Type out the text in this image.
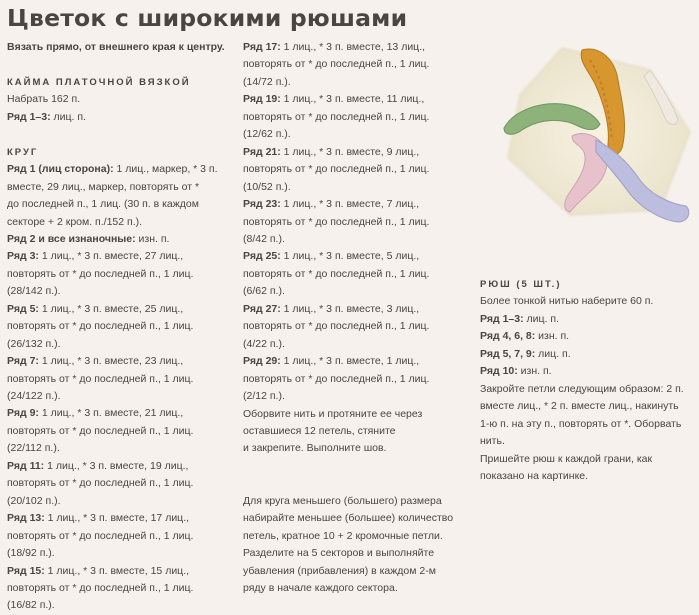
Цветок с широкими рюшами
Вязать прямо, от внешнего края к центру.
КАЙМА ПЛАТОЧНОЙ ВЯЗКОЙ
Набрать 162 п.
Ряд 1–3: лиц. п.
КРУГ
Ряд 1 (лиц сторона): 1 лиц., маркер, * 3 п.
вместе, 29 лиц., маркер, повторять от *
до последней п., 1 лиц. (30 п. в каждом
секторе + 2 кром. п./152 п.).
Ряд 2 и все изнаночные: изн. п.
Ряд 3: 1 лиц., * 3 п. вместе, 27 лиц.,
повторять от * до последней п., 1 лиц.
(28/142 п.).
Ряд 5: 1 лиц., * 3 п. вместе, 25 лиц.,
повторять от * до последней п., 1 лиц.
(26/132 п.).
Ряд 7: 1 лиц., * 3 п. вместе, 23 лиц.,
повторять от * до последней п., 1 лиц.
(24/122 п.).
Ряд 9: 1 лиц., * 3 п. вместе, 21 лиц.,
повторять от * до последней п., 1 лиц.
(22/112 п.).
Ряд 11: 1 лиц., * 3 п. вместе, 19 лиц.,
повторять от * до последней п., 1 лиц.
(20/102 п.).
Ряд 13: 1 лиц., * 3 п. вместе, 17 лиц.,
повторять от * до последней п., 1 лиц.
(18/92 п.).
Ряд 15: 1 лиц., * 3 п. вместе, 15 лиц.,
повторять от * до последней п., 1 лиц.
(16/82 п.).
Ряд 17: 1 лиц., * 3 п. вместе, 13 лиц.,
повторять от * до последней п., 1 лиц.
(14/72 п.).
Ряд 19: 1 лиц., * 3 п. вместе, 11 лиц.,
повторять от * до последней п., 1 лиц.
(12/62 п.).
Ряд 21: 1 лиц., * 3 п. вместе, 9 лиц.,
повторять от * до последней п., 1 лиц.
(10/52 п.).
Ряд 23: 1 лиц., * 3 п. вместе, 7 лиц.,
повторять от * до последней п., 1 лиц.
(8/42 п.).
Ряд 25: 1 лиц., * 3 п. вместе, 5 лиц.,
повторять от * до последней п., 1 лиц.
(6/62 п.).
Ряд 27: 1 лиц., * 3 п. вместе, 3 лиц.,
повторять от * до последней п., 1 лиц.
(4/22 п.).
Ряд 29: 1 лиц., * 3 п. вместе, 1 лиц.,
повторять от * до последней п., 1 лиц.
(2/12 п.).
Оборвите нить и протяните ее через
оставшиеся 12 петель, стяните
и закрепите. Выполните шов.
Для круга меньшего (большего) размера
набирайте меньшее (большее) количество
петель, кратное 10 + 2 кромочные петли.
Разделите на 5 секторов и выполняйте
убавления (прибавления) в каждом 2-м
ряду в начале каждого сектора.
РЮШ (5 ШТ.)
Более тонкой нитью наберите 60 п.
Ряд 1–3: лиц. п.
Ряд 4, 6, 8: изн. п.
Ряд 5, 7, 9: лиц. п.
Ряд 10: изн. п.
Закройте петли следующим образом: 2 п.
вместе лиц., * 2 п. вместе лиц., накинуть
1-ю п. на эту п., повторять от *. Оборвать
нить.
Пришейте рюш к каждой грани, как
показано на картинке.
